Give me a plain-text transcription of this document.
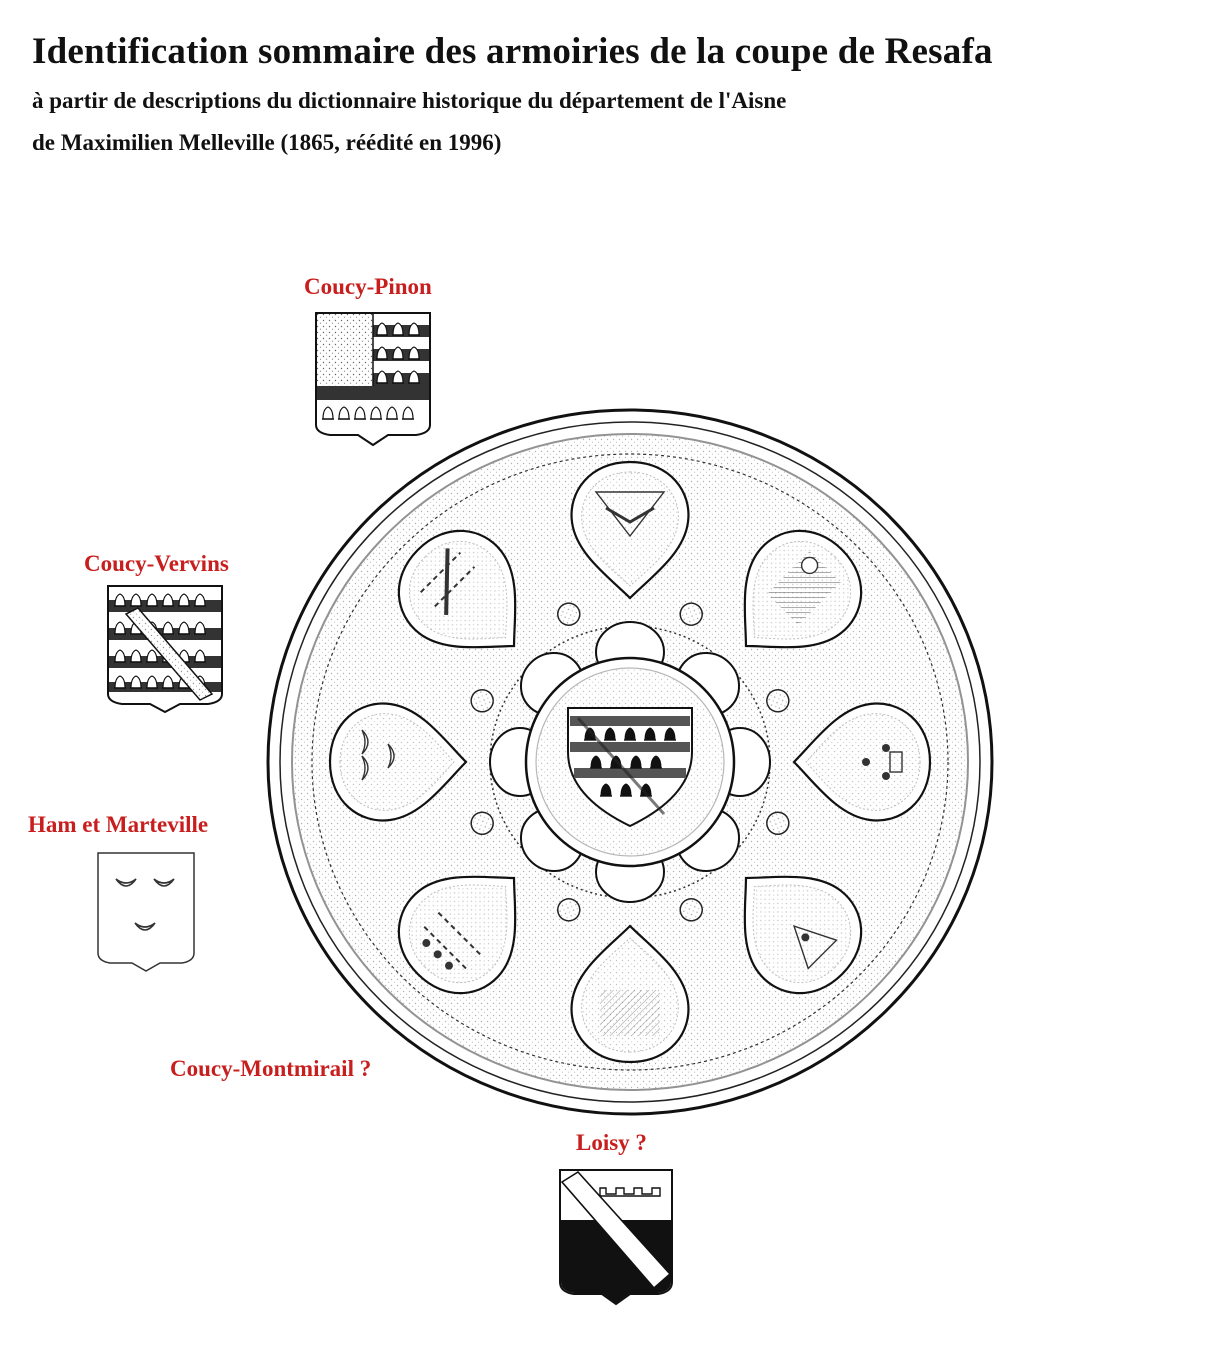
Identification sommaire des armoiries de la coupe de Resafa

à partir de descriptions du dictionnaire historique du département de l'Aisne

de Maximilien Melleville (1865, réédité en 1996)

Coucy-Pinon
Coucy-Vervins
Ham et Marteville
Coucy-Montmirail ?
Loisy ?
